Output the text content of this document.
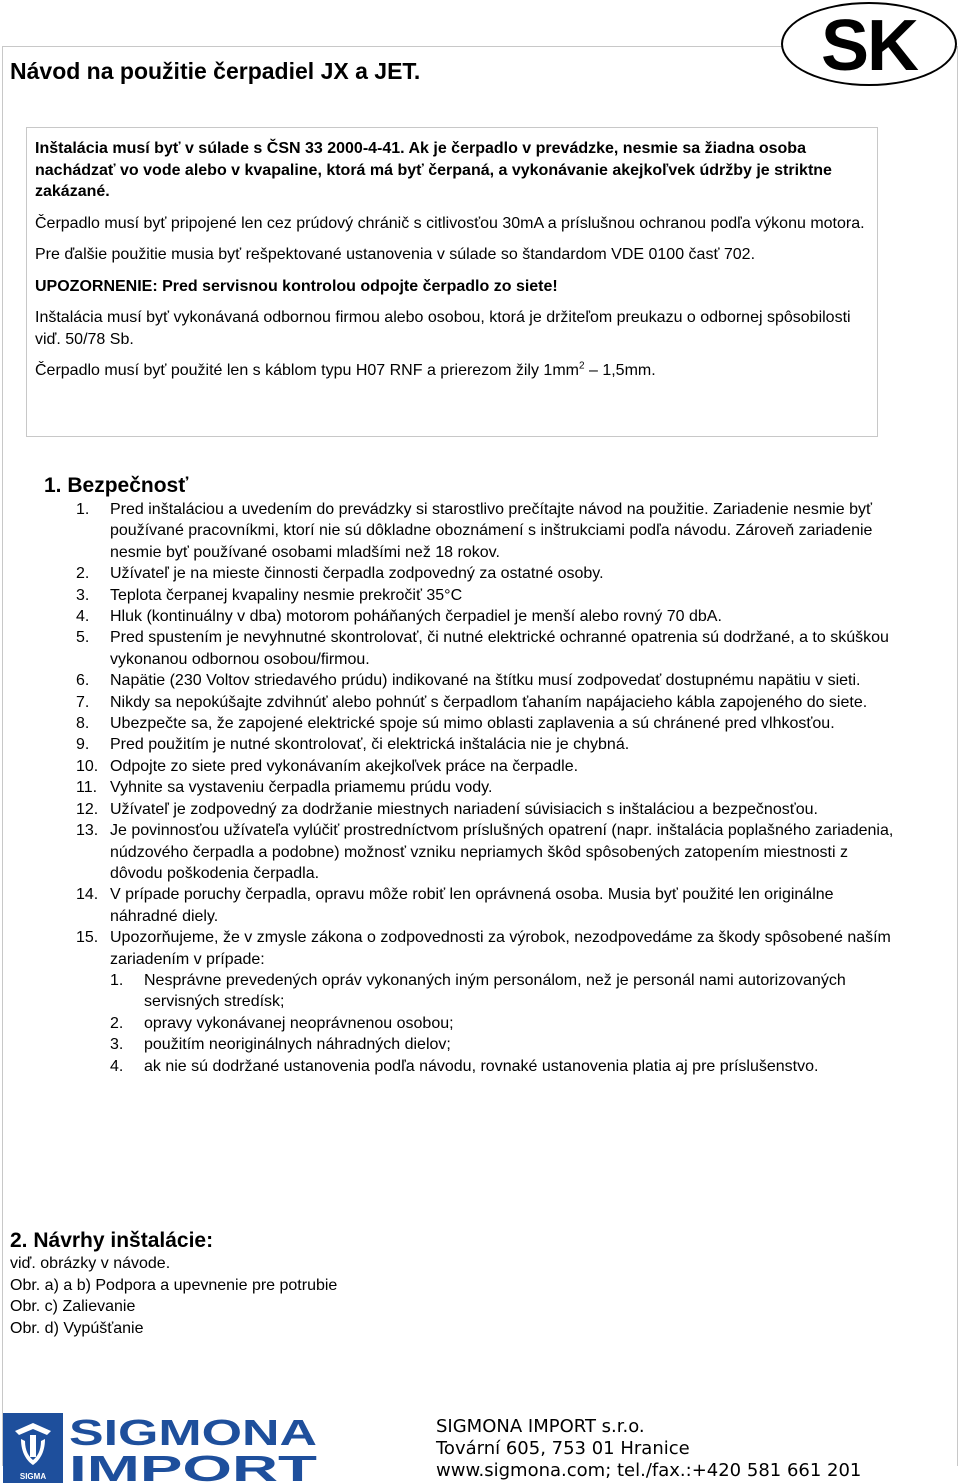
SK
Návod na použitie čerpadiel JX a JET.

Inštalácia musí byť v súlade s ČSN 33 2000-4-41. Ak je čerpadlo v prevádzke, nesmie sa žiadna osoba nachádzať vo vode alebo v kvapaline, ktorá má byť čerpaná, a vykonávanie akejkoľvek údržby je striktne zakázané.

Čerpadlo musí byť pripojené len cez prúdový chránič s citlivosťou 30mA a príslušnou ochranou podľa výkonu motora.

Pre ďalšie použitie musia byť rešpektované ustanovenia v súlade so štandardom VDE 0100 časť 702.

UPOZORNENIE: Pred servisnou kontrolou odpojte čerpadlo zo siete!

Inštalácia musí byť vykonávaná odbornou firmou alebo osobou, ktorá je držiteľom preukazu o odbornej spôsobilosti viď. 50/78 Sb.

Čerpadlo musí byť použité len s káblom typu H07 RNF a prierezom žily $1mm^2 - 1,5mm$.

1. Bezpečnosť
1.	Pred inštaláciou a uvedením do prevádzky si starostlivo prečítajte návod na použitie. Zariadenie nesmie byť používané pracovníkmi, ktorí nie sú dôkladne oboznámení s inštrukciami podľa návodu. Zároveň zariadenie nesmie byť používané osobami mladšími než 18 rokov.
2.	Užívateľ je na mieste činnosti čerpadla zodpovedný za ostatné osoby.
3.	Teplota čerpanej kvapaliny nesmie prekročiť 35°C
4.	Hluk (kontinuálny v dba) motorom poháňaných čerpadiel je menší alebo rovný 70 dbA.
5.	Pred spustením je nevyhnutné skontrolovať, či nutné elektrické ochranné opatrenia sú dodržané, a to skúškou vykonanou odbornou osobou/firmou.
6.	Napätie (230 Voltov striedavého prúdu) indikované na štítku musí zodpovedať dostupnému napätiu v sieti.
7.	Nikdy sa nepokúšajte zdvihnúť alebo pohnúť s čerpadlom ťahaním napájacieho kábla zapojeného do siete.
8.	Ubezpečte sa, že zapojené elektrické spoje sú mimo oblasti zaplavenia a sú chránené pred vlhkosťou.
9.	Pred použitím je nutné skontrolovať, či elektrická inštalácia nie je chybná.
10. Odpojte zo siete pred vykonávaním akejkoľvek práce na čerpadle.
11. Vyhnite sa vystaveniu čerpadla priamemu prúdu vody.
12. Užívateľ je zodpovedný za dodržanie miestnych nariadení súvisiacich s inštaláciou a bezpečnosťou.
13. Je povinnosťou užívateľa vylúčiť prostredníctvom príslušných opatrení (napr. inštalácia poplašného zariadenia, núdzového čerpadla a podobne) možnosť vzniku nepriamych škôd spôsobených zatopením miestnosti z dôvodu poškodenia čerpadla.
14. V prípade poruchy čerpadla, opravu môže robiť len oprávnená osoba. Musia byť použité len originálne náhradné diely.
15. Upozorňujeme, že v zmysle zákona o zodpovednosti za výrobok, nezodpovedáme za škody spôsobené naším zariadením v prípade:
1.	Nesprávne prevedených opráv vykonaných iným personálom, než je personál nami autorizovaných servisných stredísk;
2.	opravy vykonávanej neoprávnenou osobou;
3.	použitím neoriginálnych náhradných dielov;
4.	ak nie sú dodržané ustanovenia podľa návodu, rovnaké ustanovenia platia aj pre príslušenstvo.
2. Návrhy inštalácie:
viď. obrázky v návode.
Obr. a) a b) Podpora a upevnenie pre potrubie
Obr. c) Zalievanie
Obr. d) Vypúšťanie
SIGMA
SIGMONA
IMPORT
SIGMONA IMPORT s.r.o.
Tovární 605, 753 01 Hranice
www.sigmona.com; tel./fax.:+420 581 661 201
